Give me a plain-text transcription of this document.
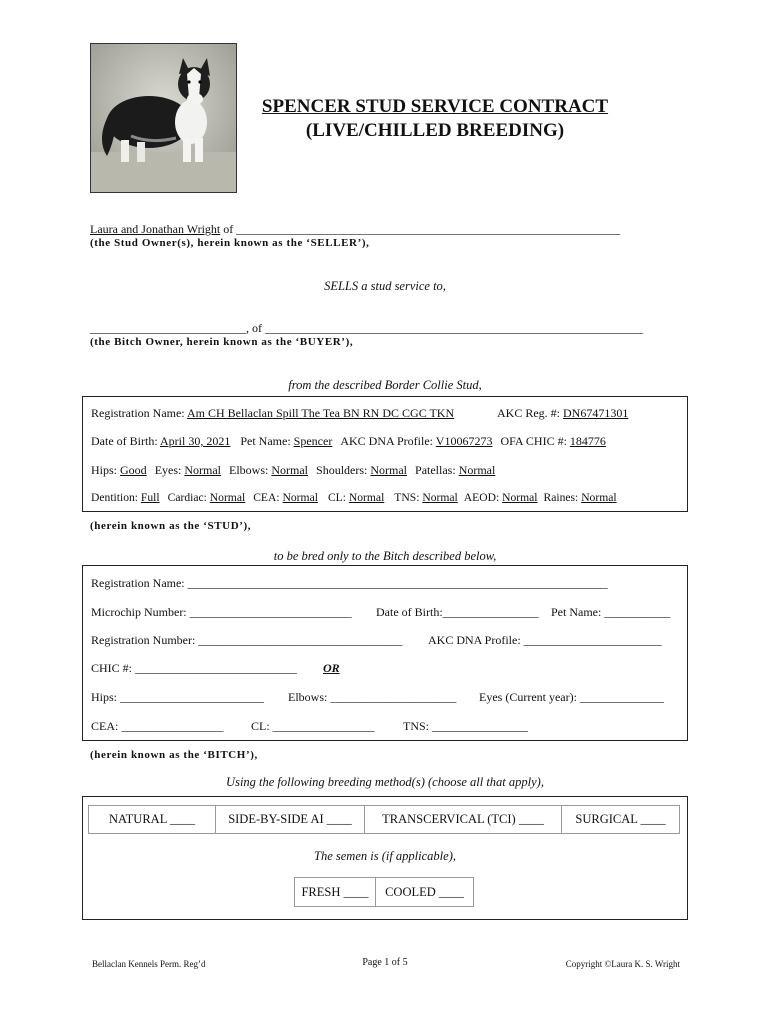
SPENCER STUD SERVICE CONTRACT
(LIVE/CHILLED BREEDING)
Laura and Jonathan Wright of ________________________________________________________________
(the Stud Owner(s), herein known as the ‘SELLER’),
SELLS a stud service to,
__________________________, of _______________________________________________________________
(the Bitch Owner, herein known as the ‘BUYER’),
from the described Border Collie Stud,
Registration Name: Am CH Bellaclan Spill The Tea BN RN DC CGC TKN	AKC Reg. #: DN67471301
Date of Birth: April 30, 2021 Pet Name: Spencer AKC DNA Profile: V10067273 OFA CHIC #: 184776
Hips: Good Eyes: Normal Elbows: Normal Shoulders: Normal Patellas: Normal
Dentition: Full Cardiac: Normal CEA: Normal CL: Normal TNS: Normal AEOD: Normal Raines: Normal
(herein known as the ‘STUD’),
to be bred only to the Bitch described below,
Registration Name: ______________________________________________________________________
Microchip Number: ___________________________ Date of Birth:________________ Pet Name: ___________
Registration Number: __________________________________ AKC DNA Profile: _______________________
CHIC #: ___________________________ OR
Hips: ________________________ Elbows: _____________________ Eyes (Current year): ______________
CEA: _________________ CL: _________________ TNS: ________________
(herein known as the ‘BITCH’),
Using the following breeding method(s) (choose all that apply),
NATURAL ____	SIDE-BY-SIDE AI ____	TRANSCERVICAL (TCI) ____	SURGICAL ____
The semen is (if applicable),
FRESH ____	COOLED ____
Bellaclan Kennels Perm. Reg’d	Page 1 of 5	Copyright ©Laura K. S. Wright
